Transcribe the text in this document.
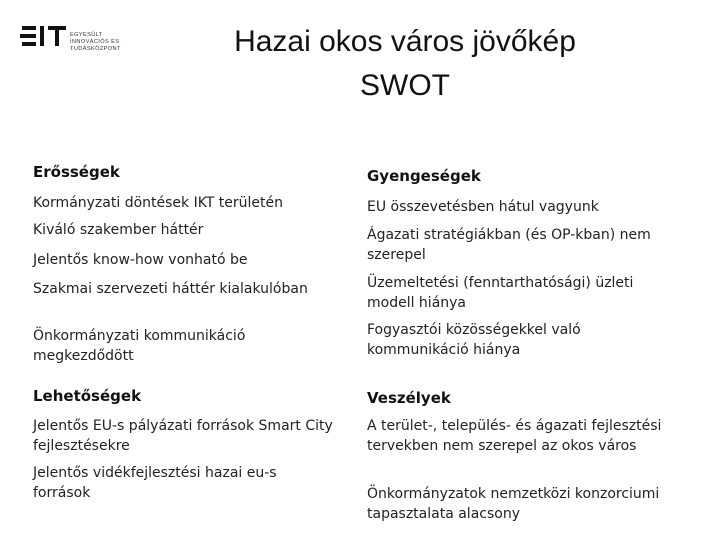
EGYESÜLT
INNOVÁCIÓS ÉS
TUDÁSKÖZPONT	Hazai okos város jövőkép
SWOT
Erősségek
Kormányzati döntések IKT területén
Kiváló szakember háttér
Jelentős know-how vonható be
Szakmai szervezeti háttér kialakulóban
Önkormányzati kommunikáció megkezdődött
Lehetőségek
Jelentős EU-s pályázati források Smart City fejlesztésekre
Jelentős vidékfejlesztési hazai eu-s források
Gyengeségek
EU összevetésben hátul vagyunk
Ágazati stratégiákban (és OP-kban) nem szerepel
Üzemeltetési (fenntarthatósági) üzleti modell hiánya
Fogyasztói közösségekkel való kommunikáció hiánya
Veszélyek
A terület-, település- és ágazati fejlesztési tervekben nem szerepel az okos város
Önkormányzatok nemzetközi konzorciumi tapasztalata alacsony
